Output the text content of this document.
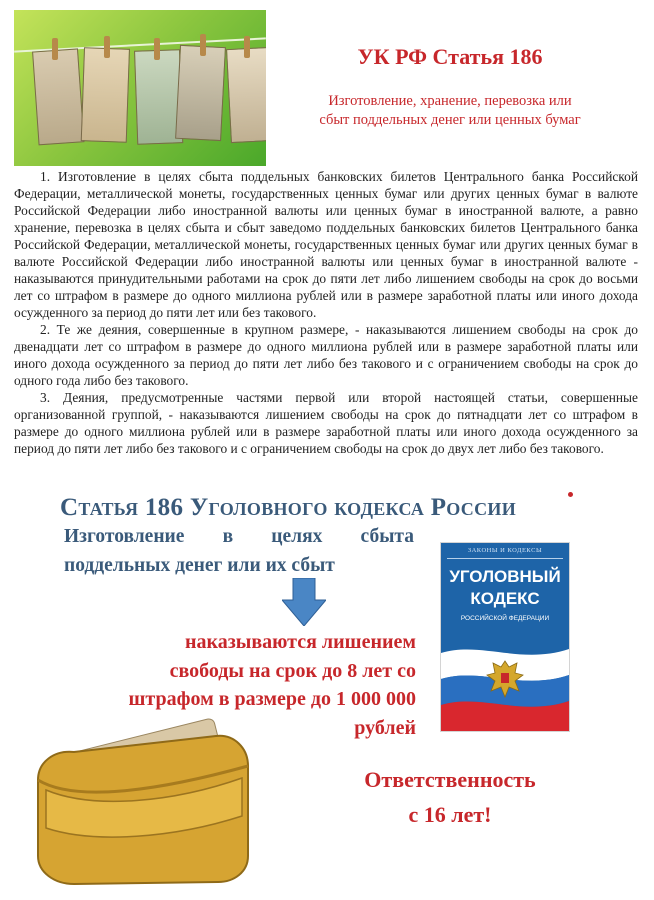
УК РФ Статья 186
Изготовление, хранение, перевозка или
сбыт поддельных денег или ценных бумаг

1. Изготовление в целях сбыта поддельных банковских билетов Центрального банка Российской Федерации, металлической монеты, государственных ценных бумаг или других ценных бумаг в валюте Российской Федерации либо иностранной валюты или ценных бумаг в иностранной валюте, а равно хранение, перевозка в целях сбыта и сбыт заведомо поддельных банковских билетов Центрального банка Российской Федерации, металлической монеты, государственных ценных бумаг или других ценных бумаг в валюте Российской Федерации либо иностранной валюты или ценных бумаг в иностранной валюте - наказываются принудительными работами на срок до пяти лет либо лишением свободы на срок до восьми лет со штрафом в размере до одного миллиона рублей или в размере заработной платы или иного дохода осужденного за период до пяти лет или без такового.

2. Те же деяния, совершенные в крупном размере, - наказываются лишением свободы на срок до двенадцати лет со штрафом в размере до одного миллиона рублей или в размере заработной платы или иного дохода осужденного за период до пяти лет либо без такового и с ограничением свободы на срок до одного года либо без такового.

3. Деяния, предусмотренные частями первой или второй настоящей статьи, совершенные организованной группой, - наказываются лишением свободы на срок до пятнадцати лет со штрафом в размере до одного миллиона рублей или в размере заработной платы или иного дохода осужденного за период до пяти лет либо без такового и с ограничением свободы на срок до двух лет либо без такового.

Статья 186 Уголовного кодекса России
Изготовление в целях сбыта поддельных денег или их сбыт
наказываются лишением
свободы на срок до 8 лет со
штрафом в размере до 1 000 000
рублей
ЗАКОНЫ И КОДЕКСЫ
УГОЛОВНЫЙ
КОДЕКС
РОССИЙСКОЙ ФЕДЕРАЦИИ
Ответственность
с 16 лет!
